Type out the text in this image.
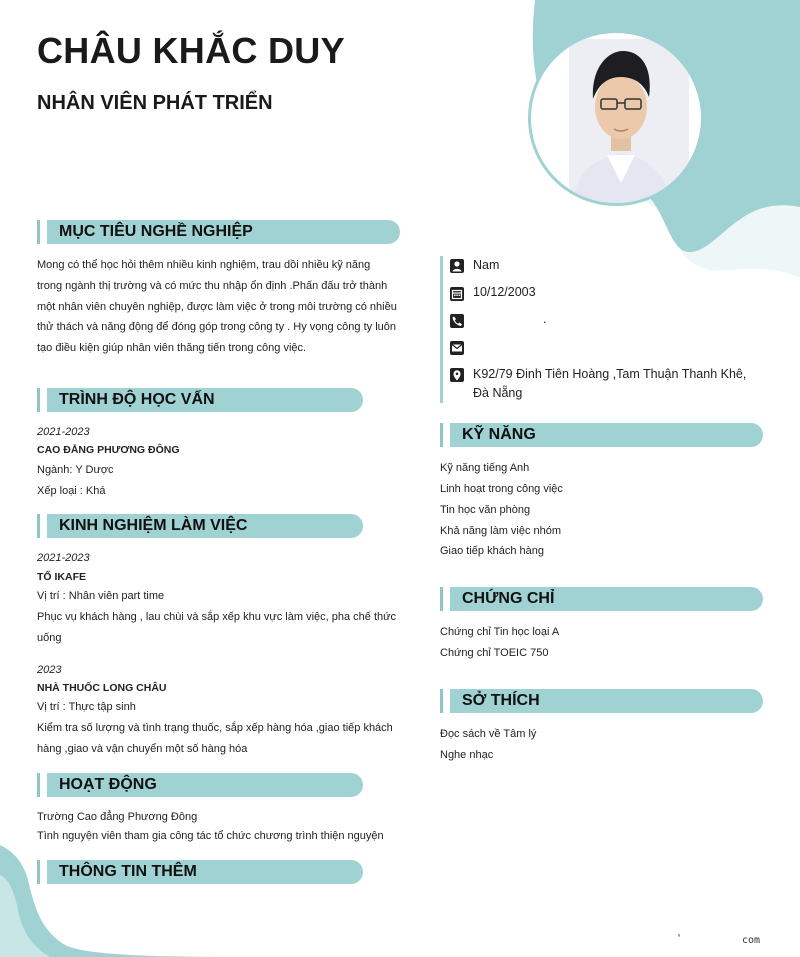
CHÂU KHẮC DUY
NHÂN VIÊN PHÁT TRIỂN
MỤC TIÊU NGHỀ NGHIỆP

Mong có thể học hỏi thêm nhiều kinh nghiệm, trau dồi nhiều kỹ năng

trong ngành thị trường và có mức thu nhập ổn định .Phấn đấu trở thành

một nhân viên chuyên nghiệp, được làm việc ở trong môi trường có nhiều

thử thách và năng động để đóng góp trong công ty . Hy vọng công ty luôn

tạo điều kiện giúp nhân viên thăng tiến trong công việc.

TRÌNH ĐỘ HỌC VẤN

2021-2023

CAO ĐẲNG PHƯƠNG ĐÔNG

Ngành: Y Dược

Xếp loại : Khá

KINH NGHIỆM LÀM VIỆC

2021-2023

TỔ IKAFE

Vị trí : Nhân viên part time

Phục vụ khách hàng , lau chùi và sắp xếp khu vực làm việc, pha chế thức

uống

2023

NHÀ THUỐC LONG CHÂU

Vị trí : Thực tập sinh

Kiểm tra số lượng và tình trạng thuốc, sắp xếp hàng hóa ,giao tiếp khách

hàng ,giao và vận chuyển một số hàng hóa

HOẠT ĐỘNG

Trường Cao đẳng Phương Đông

Tình nguyện viên tham gia công tác tổ chức chương trình thiện nguyện

THÔNG TIN THÊM
Nam
10/12/2003
.
K92/79 Đinh Tiên Hoàng ,Tam Thuận Thanh Khê,
Đà Nẵng
KỸ NĂNG

Kỹ năng tiếng Anh

Linh hoạt trong công việc

Tin học văn phòng

Khả năng làm việc nhóm

Giao tiếp khách hàng

CHỨNG CHỈ

Chứng chỉ Tin học loại A

Chứng chỉ TOEIC 750

SỞ THÍCH

Đọc sách về Tâm lý

Nghe nhạc

'	com
